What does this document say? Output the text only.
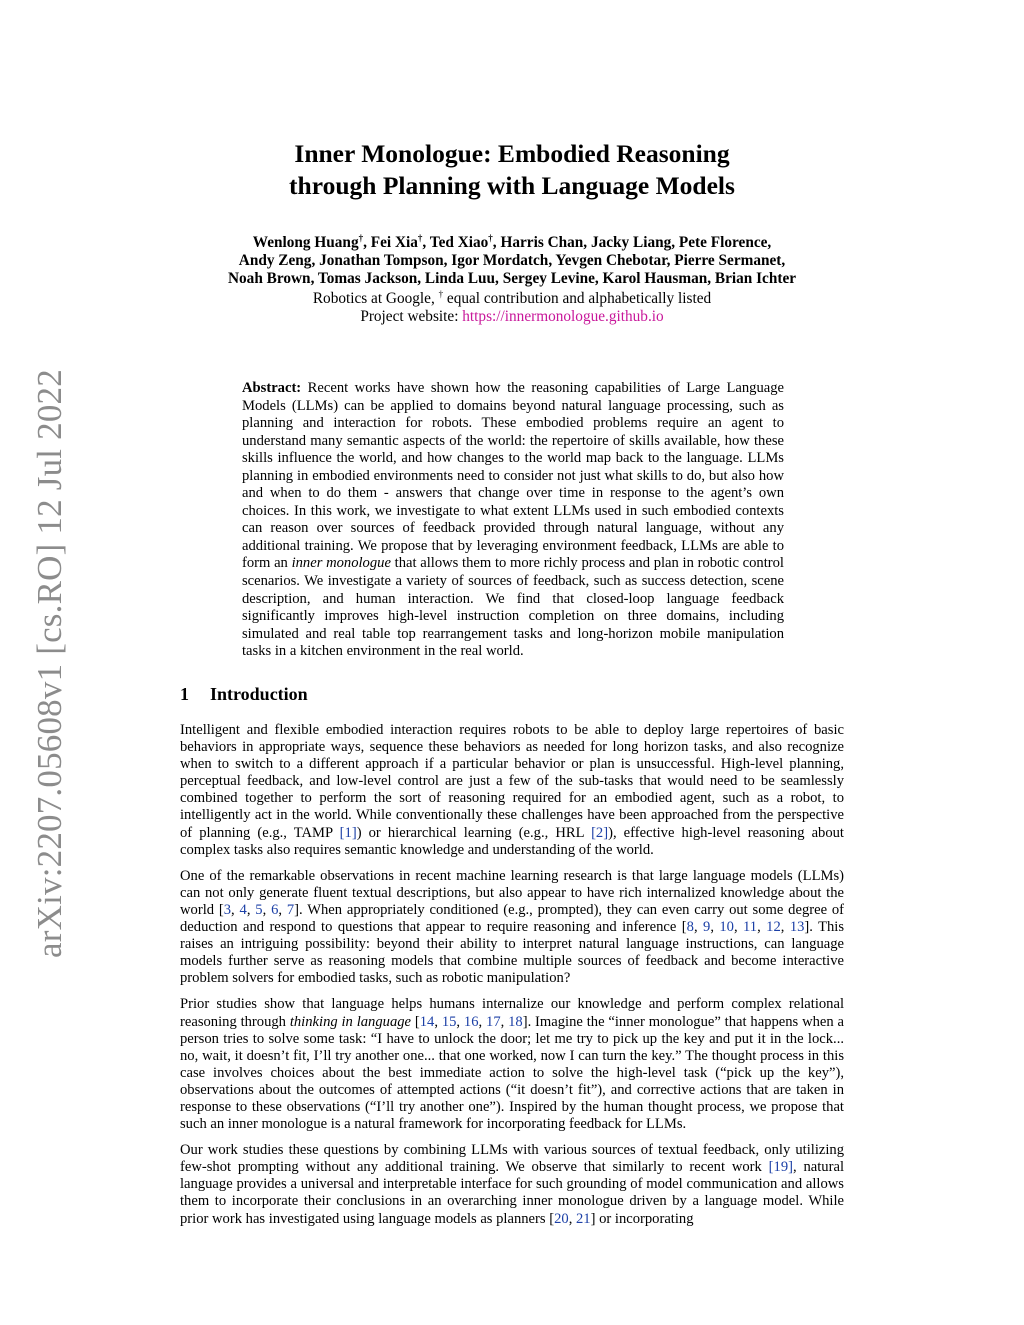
arXiv:2207.05608v1 [cs.RO] 12 Jul 2022
Inner Monologue: Embodied Reasoning
through Planning with Language Models
Wenlong Huang†, Fei Xia†, Ted Xiao†, Harris Chan, Jacky Liang, Pete Florence,
Andy Zeng, Jonathan Tompson, Igor Mordatch, Yevgen Chebotar, Pierre Sermanet,
Noah Brown, Tomas Jackson, Linda Luu, Sergey Levine, Karol Hausman, Brian Ichter
Robotics at Google, † equal contribution and alphabetically listed
Project website: https://innermonologue.github.io
Abstract: Recent works have shown how the reasoning capabilities of Large Language Models (LLMs) can be applied to domains beyond natural language processing, such as planning and interaction for robots. These embodied problems require an agent to understand many semantic aspects of the world: the repertoire of skills available, how these skills influence the world, and how changes to the world map back to the language. LLMs planning in embodied environments need to consider not just what skills to do, but also how and when to do them - answers that change over time in response to the agent’s own choices. In this work, we investigate to what extent LLMs used in such embodied contexts can reason over sources of feedback provided through natural language, without any additional training. We propose that by leveraging environment feedback, LLMs are able to form an inner monologue that allows them to more richly process and plan in robotic control scenarios. We investigate a variety of sources of feedback, such as success detection, scene description, and human interaction. We find that closed-loop language feedback significantly improves high-level instruction completion on three domains, including simulated and real table top rearrangement tasks and long-horizon mobile manipulation tasks in a kitchen environment in the real world.
1 Introduction

Intelligent and flexible embodied interaction requires robots to be able to deploy large repertoires of basic behaviors in appropriate ways, sequence these behaviors as needed for long horizon tasks, and also recognize when to switch to a different approach if a particular behavior or plan is unsuccessful. High-level planning, perceptual feedback, and low-level control are just a few of the sub-tasks that would need to be seamlessly combined together to perform the sort of reasoning required for an embodied agent, such as a robot, to intelligently act in the world. While conventionally these challenges have been approached from the perspective of planning (e.g., TAMP [1]) or hierarchical learning (e.g., HRL [2]), effective high-level reasoning about complex tasks also requires semantic knowledge and understanding of the world.

One of the remarkable observations in recent machine learning research is that large language models (LLMs) can not only generate fluent textual descriptions, but also appear to have rich internalized knowledge about the world [3, 4, 5, 6, 7]. When appropriately conditioned (e.g., prompted), they can even carry out some degree of deduction and respond to questions that appear to require reasoning and inference [8, 9, 10, 11, 12, 13]. This raises an intriguing possibility: beyond their ability to interpret natural language instructions, can language models further serve as reasoning models that combine multiple sources of feedback and become interactive problem solvers for embodied tasks, such as robotic manipulation?

Prior studies show that language helps humans internalize our knowledge and perform complex relational reasoning through thinking in language [14, 15, 16, 17, 18]. Imagine the “inner monologue” that happens when a person tries to solve some task: “I have to unlock the door; let me try to pick up the key and put it in the lock... no, wait, it doesn’t fit, I’ll try another one... that one worked, now I can turn the key.” The thought process in this case involves choices about the best immediate action to solve the high-level task (“pick up the key”), observations about the outcomes of attempted actions (“it doesn’t fit”), and corrective actions that are taken in response to these observations (“I’ll try another one”). Inspired by the human thought process, we propose that such an inner monologue is a natural framework for incorporating feedback for LLMs.

Our work studies these questions by combining LLMs with various sources of textual feedback, only utilizing few-shot prompting without any additional training. We observe that similarly to recent work [19], natural language provides a universal and interpretable interface for such grounding of model communication and allows them to incorporate their conclusions in an overarching inner monologue driven by a language model. While prior work has investigated using language models as planners [20, 21] or incorporating
